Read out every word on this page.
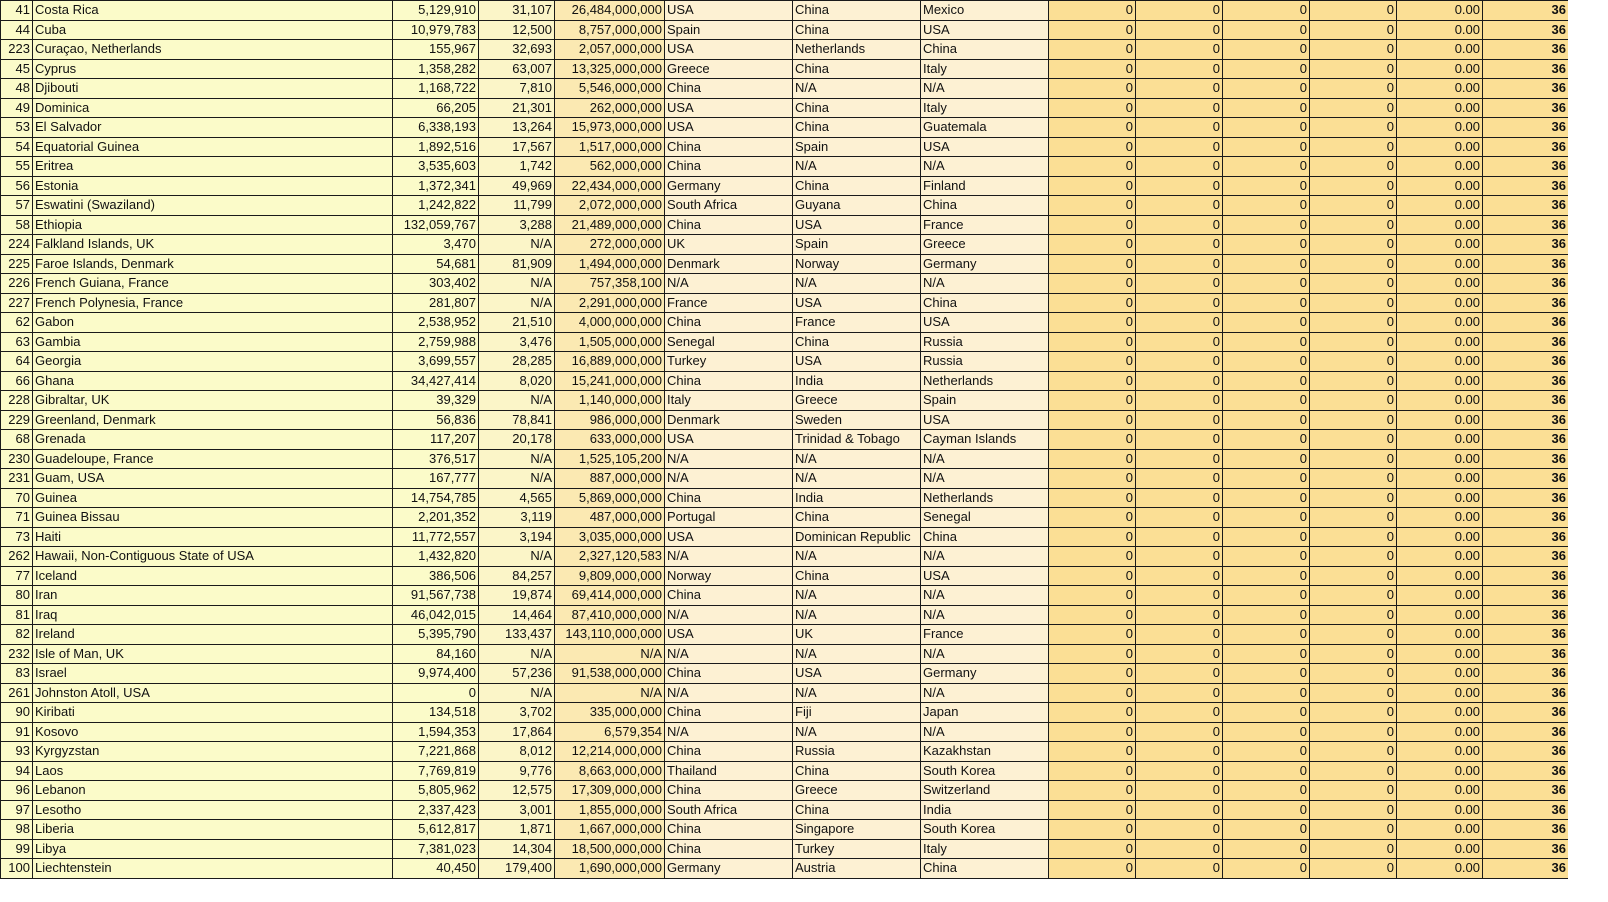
41	Costa Rica	5,129,910	31,107	26,484,000,000	USA	China	Mexico	0	0	0	0	0.00	36
44	Cuba	10,979,783	12,500	8,757,000,000	Spain	China	USA	0	0	0	0	0.00	36
223	Curaçao, Netherlands	155,967	32,693	2,057,000,000	USA	Netherlands	China	0	0	0	0	0.00	36
45	Cyprus	1,358,282	63,007	13,325,000,000	Greece	China	Italy	0	0	0	0	0.00	36
48	Djibouti	1,168,722	7,810	5,546,000,000	China	N/A	N/A	0	0	0	0	0.00	36
49	Dominica	66,205	21,301	262,000,000	USA	China	Italy	0	0	0	0	0.00	36
53	El Salvador	6,338,193	13,264	15,973,000,000	USA	China	Guatemala	0	0	0	0	0.00	36
54	Equatorial Guinea	1,892,516	17,567	1,517,000,000	China	Spain	USA	0	0	0	0	0.00	36
55	Eritrea	3,535,603	1,742	562,000,000	China	N/A	N/A	0	0	0	0	0.00	36
56	Estonia	1,372,341	49,969	22,434,000,000	Germany	China	Finland	0	0	0	0	0.00	36
57	Eswatini (Swaziland)	1,242,822	11,799	2,072,000,000	South Africa	Guyana	China	0	0	0	0	0.00	36
58	Ethiopia	132,059,767	3,288	21,489,000,000	China	USA	France	0	0	0	0	0.00	36
224	Falkland Islands, UK	3,470	N/A	272,000,000	UK	Spain	Greece	0	0	0	0	0.00	36
225	Faroe Islands, Denmark	54,681	81,909	1,494,000,000	Denmark	Norway	Germany	0	0	0	0	0.00	36
226	French Guiana, France	303,402	N/A	757,358,100	N/A	N/A	N/A	0	0	0	0	0.00	36
227	French Polynesia, France	281,807	N/A	2,291,000,000	France	USA	China	0	0	0	0	0.00	36
62	Gabon	2,538,952	21,510	4,000,000,000	China	France	USA	0	0	0	0	0.00	36
63	Gambia	2,759,988	3,476	1,505,000,000	Senegal	China	Russia	0	0	0	0	0.00	36
64	Georgia	3,699,557	28,285	16,889,000,000	Turkey	USA	Russia	0	0	0	0	0.00	36
66	Ghana	34,427,414	8,020	15,241,000,000	China	India	Netherlands	0	0	0	0	0.00	36
228	Gibraltar, UK	39,329	N/A	1,140,000,000	Italy	Greece	Spain	0	0	0	0	0.00	36
229	Greenland, Denmark	56,836	78,841	986,000,000	Denmark	Sweden	USA	0	0	0	0	0.00	36
68	Grenada	117,207	20,178	633,000,000	USA	Trinidad & Tobago	Cayman Islands	0	0	0	0	0.00	36
230	Guadeloupe, France	376,517	N/A	1,525,105,200	N/A	N/A	N/A	0	0	0	0	0.00	36
231	Guam, USA	167,777	N/A	887,000,000	N/A	N/A	N/A	0	0	0	0	0.00	36
70	Guinea	14,754,785	4,565	5,869,000,000	China	India	Netherlands	0	0	0	0	0.00	36
71	Guinea Bissau	2,201,352	3,119	487,000,000	Portugal	China	Senegal	0	0	0	0	0.00	36
73	Haiti	11,772,557	3,194	3,035,000,000	USA	Dominican Republic	China	0	0	0	0	0.00	36
262	Hawaii, Non-Contiguous State of USA	1,432,820	N/A	2,327,120,583	N/A	N/A	N/A	0	0	0	0	0.00	36
77	Iceland	386,506	84,257	9,809,000,000	Norway	China	USA	0	0	0	0	0.00	36
80	Iran	91,567,738	19,874	69,414,000,000	China	N/A	N/A	0	0	0	0	0.00	36
81	Iraq	46,042,015	14,464	87,410,000,000	N/A	N/A	N/A	0	0	0	0	0.00	36
82	Ireland	5,395,790	133,437	143,110,000,000	USA	UK	France	0	0	0	0	0.00	36
232	Isle of Man, UK	84,160	N/A	N/A	N/A	N/A	N/A	0	0	0	0	0.00	36
83	Israel	9,974,400	57,236	91,538,000,000	China	USA	Germany	0	0	0	0	0.00	36
261	Johnston Atoll, USA	0	N/A	N/A	N/A	N/A	N/A	0	0	0	0	0.00	36
90	Kiribati	134,518	3,702	335,000,000	China	Fiji	Japan	0	0	0	0	0.00	36
91	Kosovo	1,594,353	17,864	6,579,354	N/A	N/A	N/A	0	0	0	0	0.00	36
93	Kyrgyzstan	7,221,868	8,012	12,214,000,000	China	Russia	Kazakhstan	0	0	0	0	0.00	36
94	Laos	7,769,819	9,776	8,663,000,000	Thailand	China	South Korea	0	0	0	0	0.00	36
96	Lebanon	5,805,962	12,575	17,309,000,000	China	Greece	Switzerland	0	0	0	0	0.00	36
97	Lesotho	2,337,423	3,001	1,855,000,000	South Africa	China	India	0	0	0	0	0.00	36
98	Liberia	5,612,817	1,871	1,667,000,000	China	Singapore	South Korea	0	0	0	0	0.00	36
99	Libya	7,381,023	14,304	18,500,000,000	China	Turkey	Italy	0	0	0	0	0.00	36
100	Liechtenstein	40,450	179,400	1,690,000,000	Germany	Austria	China	0	0	0	0	0.00	36
